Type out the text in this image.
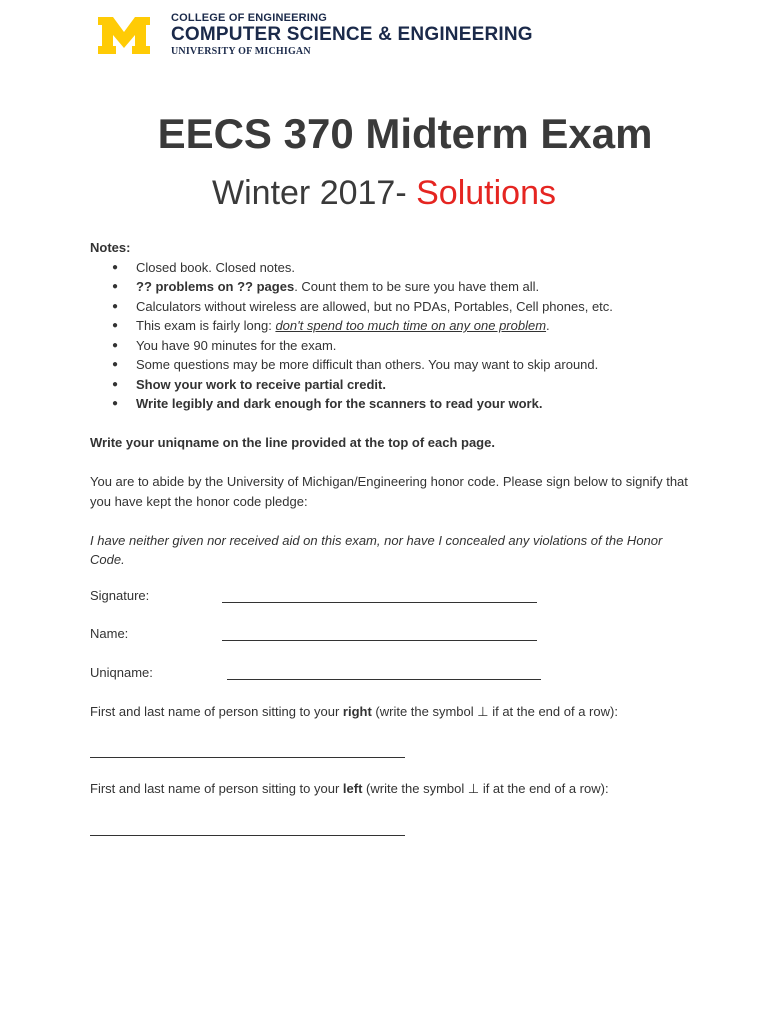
COLLEGE OF ENGINEERING
COMPUTER SCIENCE & ENGINEERING
UNIVERSITY OF MICHIGAN
EECS 370 Midterm Exam
Winter 2017- Solutions

Notes:

● Closed book. Closed notes.
● ?? problems on ?? pages. Count them to be sure you have them all.
● Calculators without wireless are allowed, but no PDAs, Portables, Cell phones, etc.
● This exam is fairly long: don't spend too much time on any one problem.
● You have 90 minutes for the exam.
● Some questions may be more difficult than others. You may want to skip around.
● Show your work to receive partial credit.
● Write legibly and dark enough for the scanners to read your work.

Write your uniqname on the line provided at the top of each page.

You are to abide by the University of Michigan/Engineering honor code. Please sign below to signify that you have kept the honor code pledge:

I have neither given nor received aid on this exam, nor have I concealed any violations of the Honor Code.

Signature:
Name:
Uniqname:
First and last name of person sitting to your right (write the symbol ⊥ if at the end of a row):
First and last name of person sitting to your left (write the symbol ⊥ if at the end of a row):
